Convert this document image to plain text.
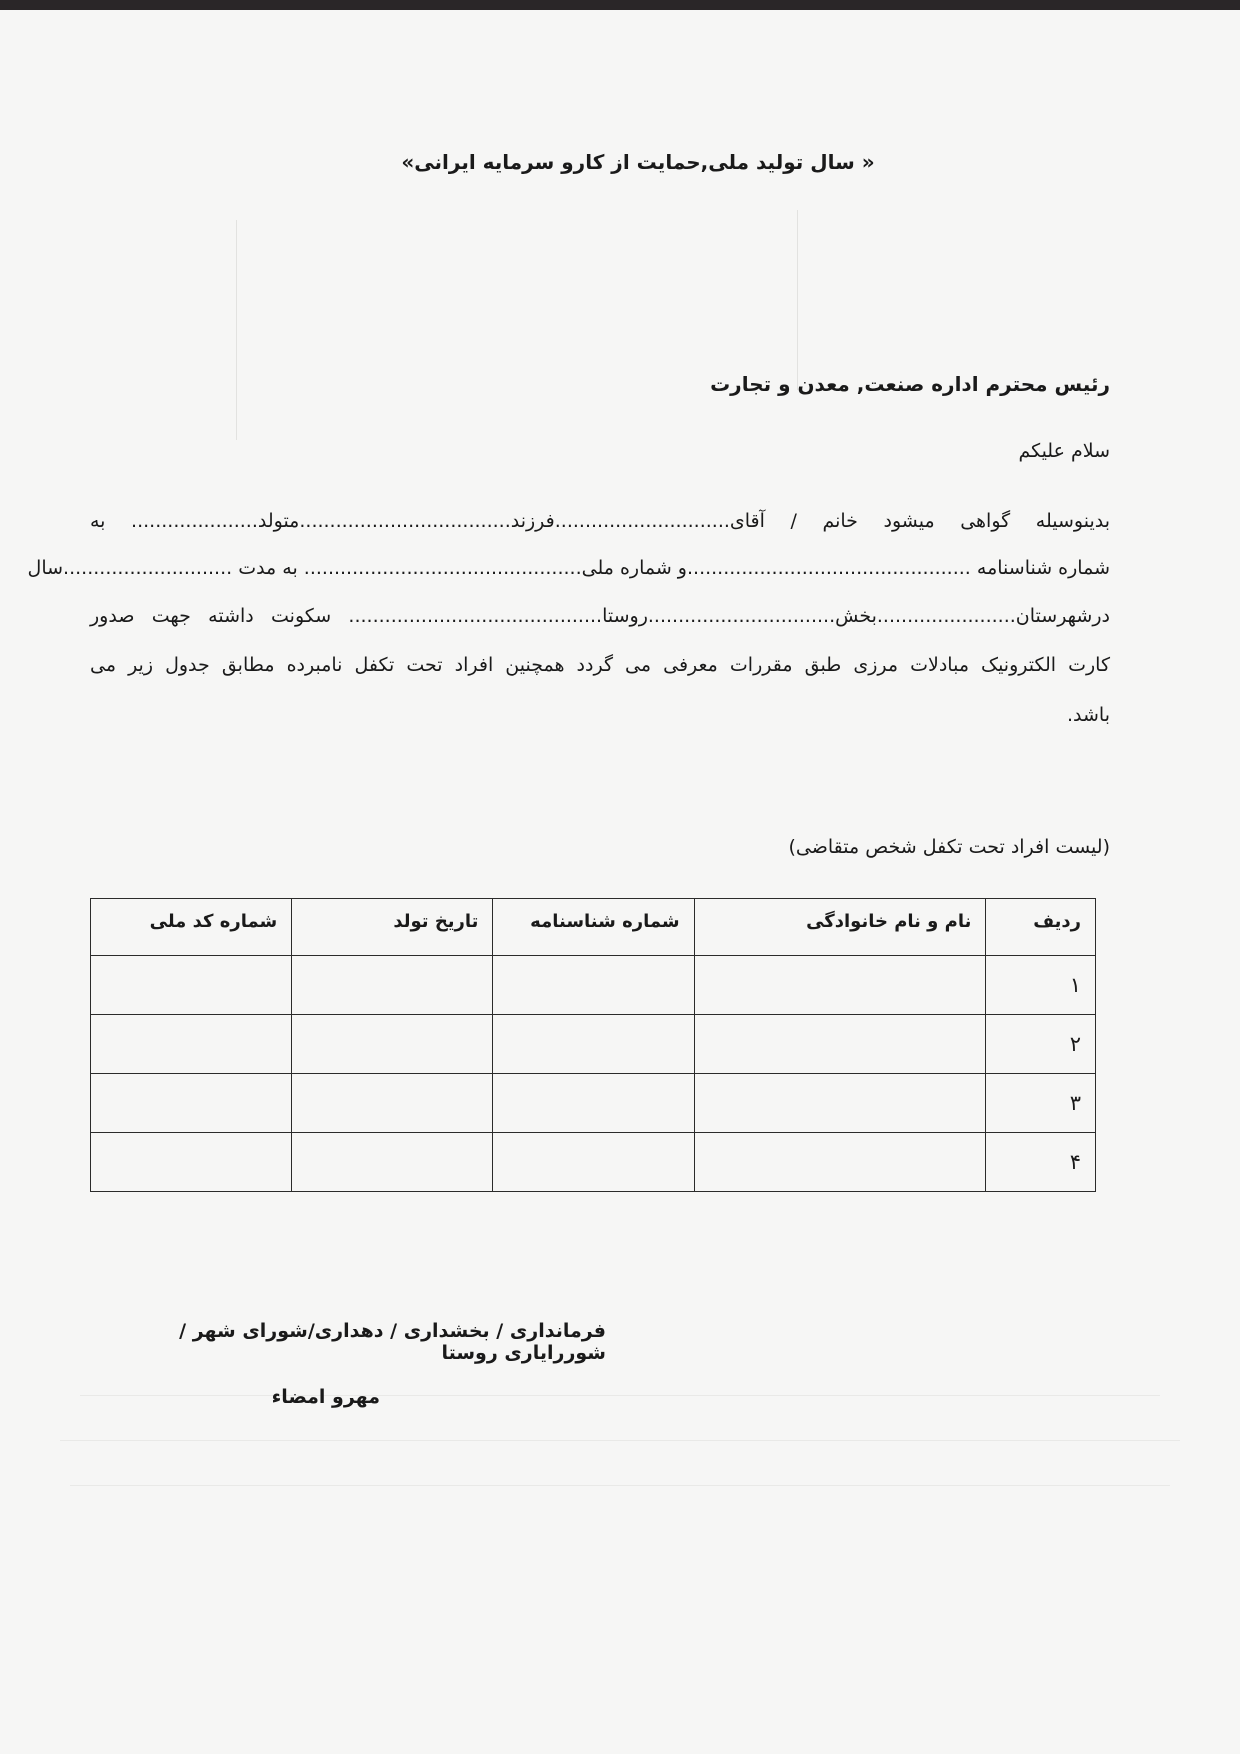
« سال تولید ملی,حمایت از کارو سرمایه ایرانی»
رئیس محترم اداره صنعت, معدن و تجارت
سلام علیکم
بدینوسیله گواهی میشود خانم / آقای.............................فرزند...................................متولد..................... به
شماره شناسنامه ...............................................و شماره ملی.............................................. به مدت ............................سال
درشهرستان.......................بخش...............................روستا.......................................... سکونت داشته جهت صدور
کارت الکترونیک مبادلات مرزی طبق مقررات معرفی می گردد همچنین افراد تحت تکفل نامبرده مطابق جدول زیر می
باشد.
(لیست افراد تحت تکفل شخص متقاضی)
ردیف	نام و نام خانوادگی	شماره شناسنامه	تاریخ تولد	شماره کد ملی
۱				
۲				
۳				
۴				
فرمانداری / بخشداری / دهداری/شورای شهر /شوررایاری روستا
مهرو امضاء
